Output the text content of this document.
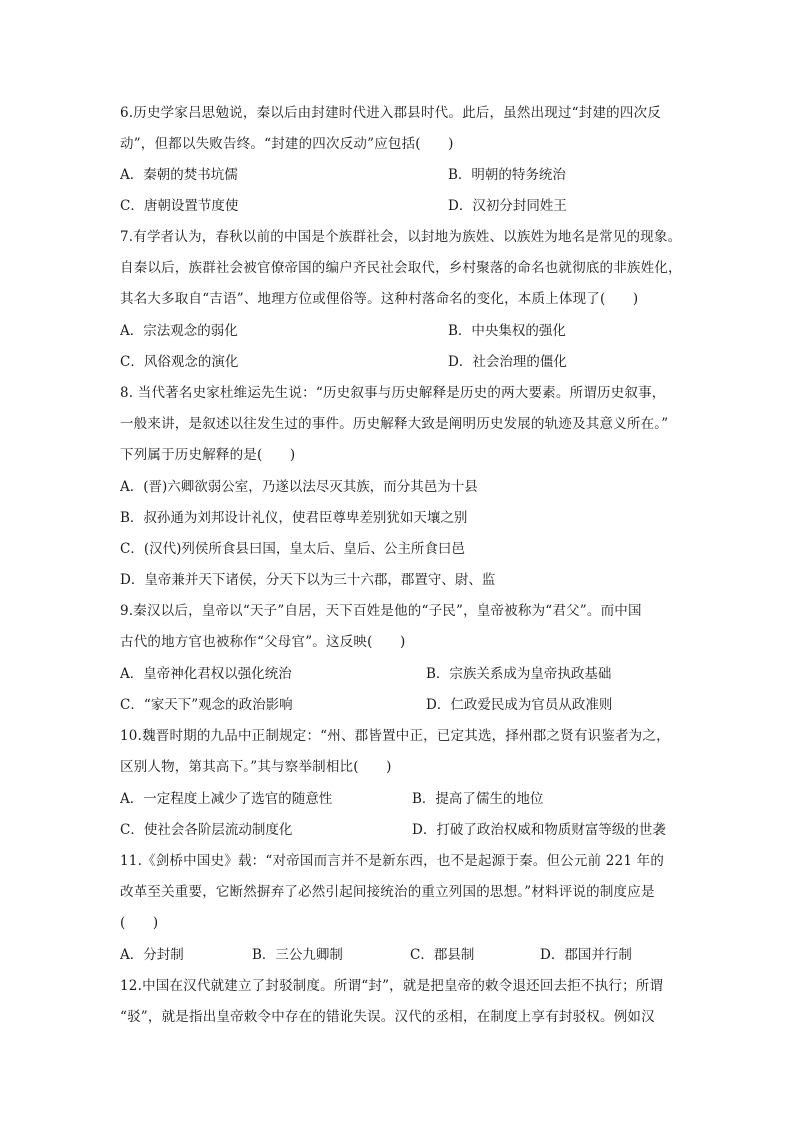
6.历史学家吕思勉说，秦以后由封建时代进入郡县时代。此后，虽然出现过“封建的四次反
动”，但都以失败告终。“封建的四次反动”应包括(　　)
A．秦朝的焚书坑儒	B．明朝的特务统治
C．唐朝设置节度使	D．汉初分封同姓王
7.有学者认为，春秋以前的中国是个族群社会，以封地为族姓、以族姓为地名是常见的现象。
自秦以后，族群社会被官僚帝国的编户齐民社会取代，乡村聚落的命名也就彻底的非族姓化，
其名大多取自“吉语”、地理方位或俚俗等。这种村落命名的变化，本质上体现了(　　)
A．宗法观念的弱化	B．中央集权的强化
C．风俗观念的演化	D．社会治理的僵化
8. 当代著名史家杜维运先生说：“历史叙事与历史解释是历史的两大要素。所谓历史叙事，
一般来讲，是叙述以往发生过的事件。历史解释大致是阐明历史发展的轨迹及其意义所在。”
下列属于历史解释的是(　　)
A．(晋)六卿欲弱公室，乃遂以法尽灭其族，而分其邑为十县
B．叔孙通为刘邦设计礼仪，使君臣尊卑差别犹如天壤之别
C．(汉代)列侯所食县曰国，皇太后、皇后、公主所食曰邑
D．皇帝兼并天下诸侯，分天下以为三十六郡，郡置守、尉、监
9.秦汉以后，皇帝以“天子”自居，天下百姓是他的“子民”，皇帝被称为“君父”。而中国
古代的地方官也被称作“父母官”。这反映(　　)
A．皇帝神化君权以强化统治	B．宗族关系成为皇帝执政基础
C．“家天下”观念的政治影响	D．仁政爱民成为官员从政准则
10.魏晋时期的九品中正制规定：“州、郡皆置中正，已定其选，择州郡之贤有识鉴者为之，
区别人物，第其高下。”其与察举制相比(　　)
A．一定程度上减少了选官的随意性	B．提高了儒生的地位
C．使社会各阶层流动制度化	D．打破了政治权威和物质财富等级的世袭
11.《剑桥中国史》载：“对帝国而言并不是新东西，也不是起源于秦。但公元前 221 年的
改革至关重要，它断然摒弃了必然引起间接统治的重立列国的思想。”材料评说的制度应是
(　　)
A．分封制	B．三公九卿制	C．郡县制	D．郡国并行制
12.中国在汉代就建立了封驳制度。所谓“封”，就是把皇帝的敕令退还回去拒不执行；所谓
“驳”，就是指出皇帝敕令中存在的错讹失误。汉代的丞相，在制度上享有封驳权。例如汉
